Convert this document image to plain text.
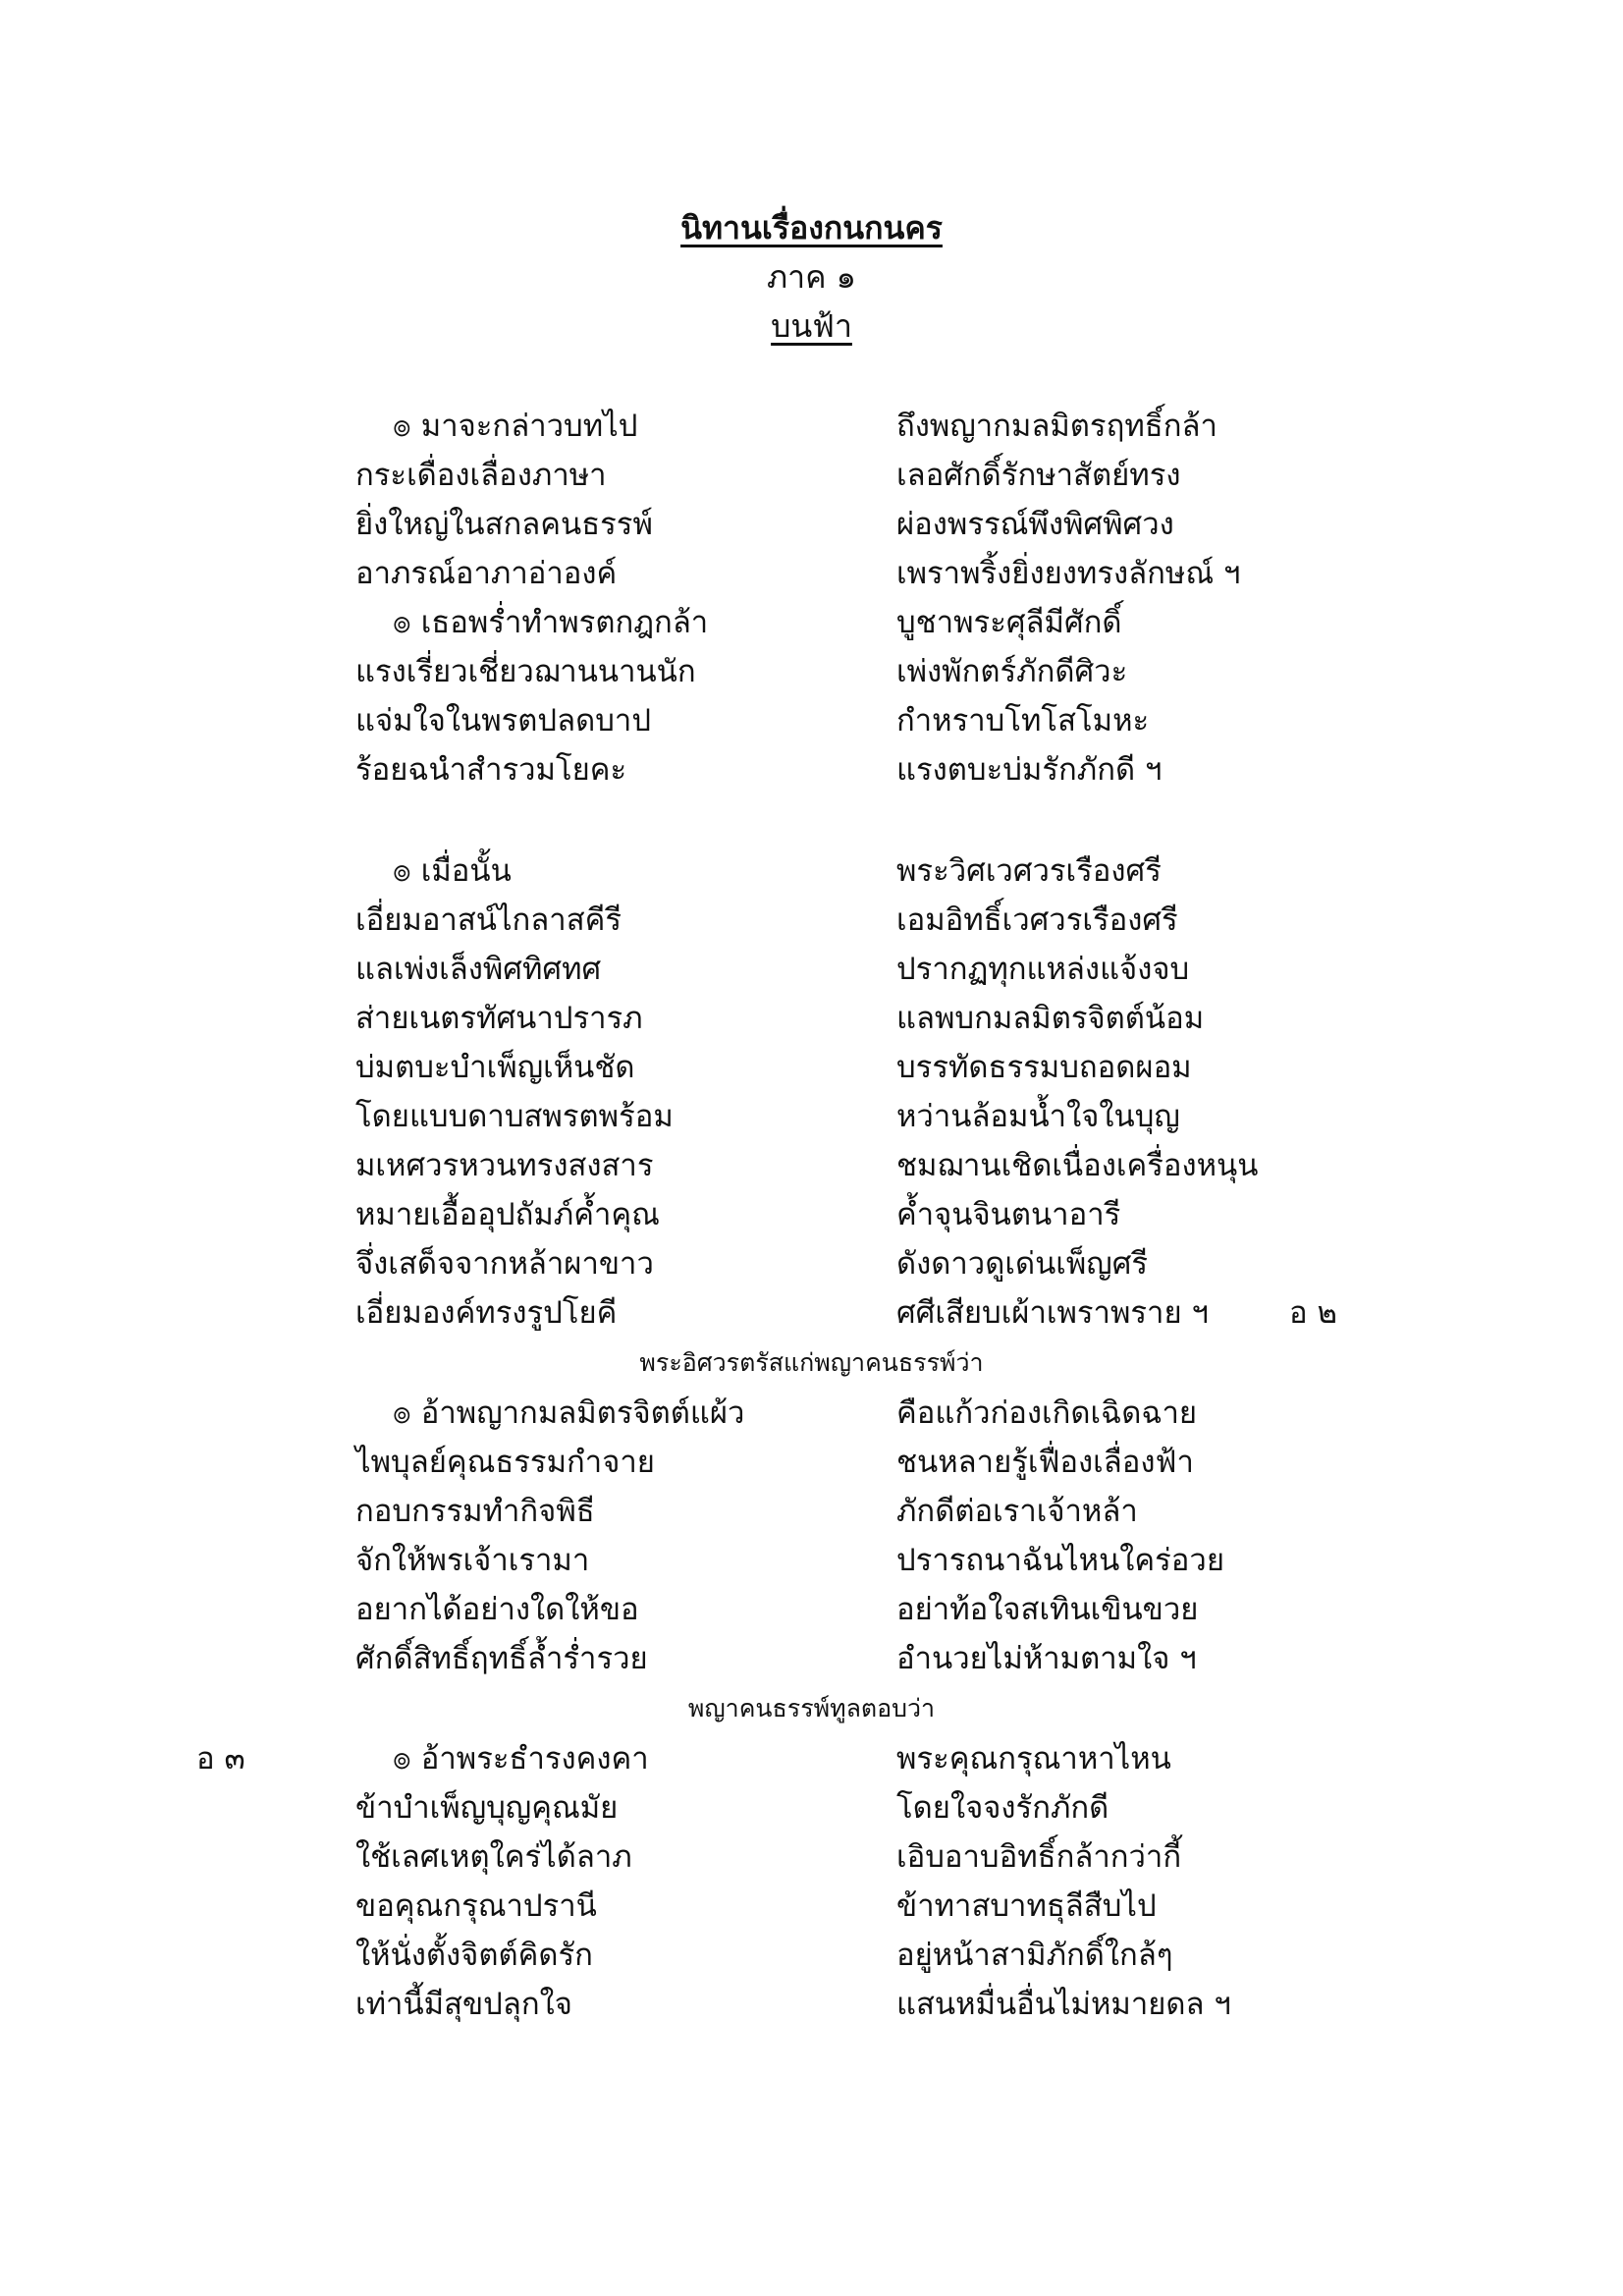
นิทานเรื่องกนกนคร
ภาค ๑
บนฟ้า
๏ มาจะกล่าวบทไป	ถึงพญากมลมิตรฤทธิ์กล้า
กระเดื่องเลื่องภาษา	เลอศักดิ์รักษาสัตย์ทรง
ยิ่งใหญ่ในสกลคนธรรพ์	ผ่องพรรณ์พึงพิศพิศวง
อาภรณ์อาภาอ่าองค์	เพราพริ้งยิ่งยงทรงลักษณ์ ฯ
๏ เธอพร่ำทำพรตกฎกล้า	บูชาพระศุลีมีศักดิ์
แรงเรี่ยวเชี่ยวฌานนานนัก	เพ่งพักตร์ภักดีศิวะ
แจ่มใจในพรตปลดบาป	กำหราบโทโสโมหะ
ร้อยฉนำสำรวมโยคะ	แรงตบะบ่มรักภักดี ฯ
๏ เมื่อนั้น	พระวิศเวศวรเรืองศรี
เอี่ยมอาสน์ไกลาสคีรี	เอมอิทธิ์เวศวรเรืองศรี
แลเพ่งเล็งพิศทิศทศ	ปรากฏทุกแหล่งแจ้งจบ
ส่ายเนตรทัศนาปรารภ	แลพบกมลมิตรจิตต์น้อม
บ่มตบะบำเพ็ญเห็นชัด	บรรทัดธรรมบถอดผอม
โดยแบบดาบสพรตพร้อม	หว่านล้อมน้ำใจในบุญ
มเหศวรหวนทรงสงสาร	ชมฌานเชิดเนื่องเครื่องหนุน
หมายเอื้ออุปถัมภ์ค้ำคุณ	ค้ำจุนจินตนาอารี
จึ่งเสด็จจากหล้าผาขาว	ดังดาวดูเด่นเพ็ญศรี
เอี่ยมองค์ทรงรูปโยคี	ศศีเสียบเผ้าเพราพราย ฯ	อ ๒
พระอิศวรตรัสแก่พญาคนธรรพ์ว่า
๏ อ้าพญากมลมิตรจิตต์แผ้ว	คือแก้วก่องเกิดเฉิดฉาย
ไพบุลย์คุณธรรมกำจาย	ชนหลายรู้เฟื่องเลื่องฟ้า
กอบกรรมทำกิจพิธี	ภักดีต่อเราเจ้าหล้า
จักให้พรเจ้าเรามา	ปรารถนาฉันไหนใคร่อวย
อยากได้อย่างใดให้ขอ	อย่าท้อใจสเทินเขินขวย
ศักดิ์สิทธิ์ฤทธิ์ล้ำร่ำรวย	อำนวยไม่ห้ามตามใจ ฯ
พญาคนธรรพ์ทูลตอบว่า
อ ๓	๏ อ้าพระธำรงคงคา	พระคุณกรุณาหาไหน
ข้าบำเพ็ญบุญคุณมัย	โดยใจจงรักภักดี
ใช้เลศเหตุใคร่ได้ลาภ	เอิบอาบอิทธิ์กล้ากว่ากี้
ขอคุณกรุณาปรานี	ข้าทาสบาทธุลีสืบไป
ให้นั่งตั้งจิตต์คิดรัก	อยู่หน้าสามิภักดิ์ใกล้ๆ
เท่านี้มีสุขปลุกใจ	แสนหมื่นอื่นไม่หมายดล ฯ
